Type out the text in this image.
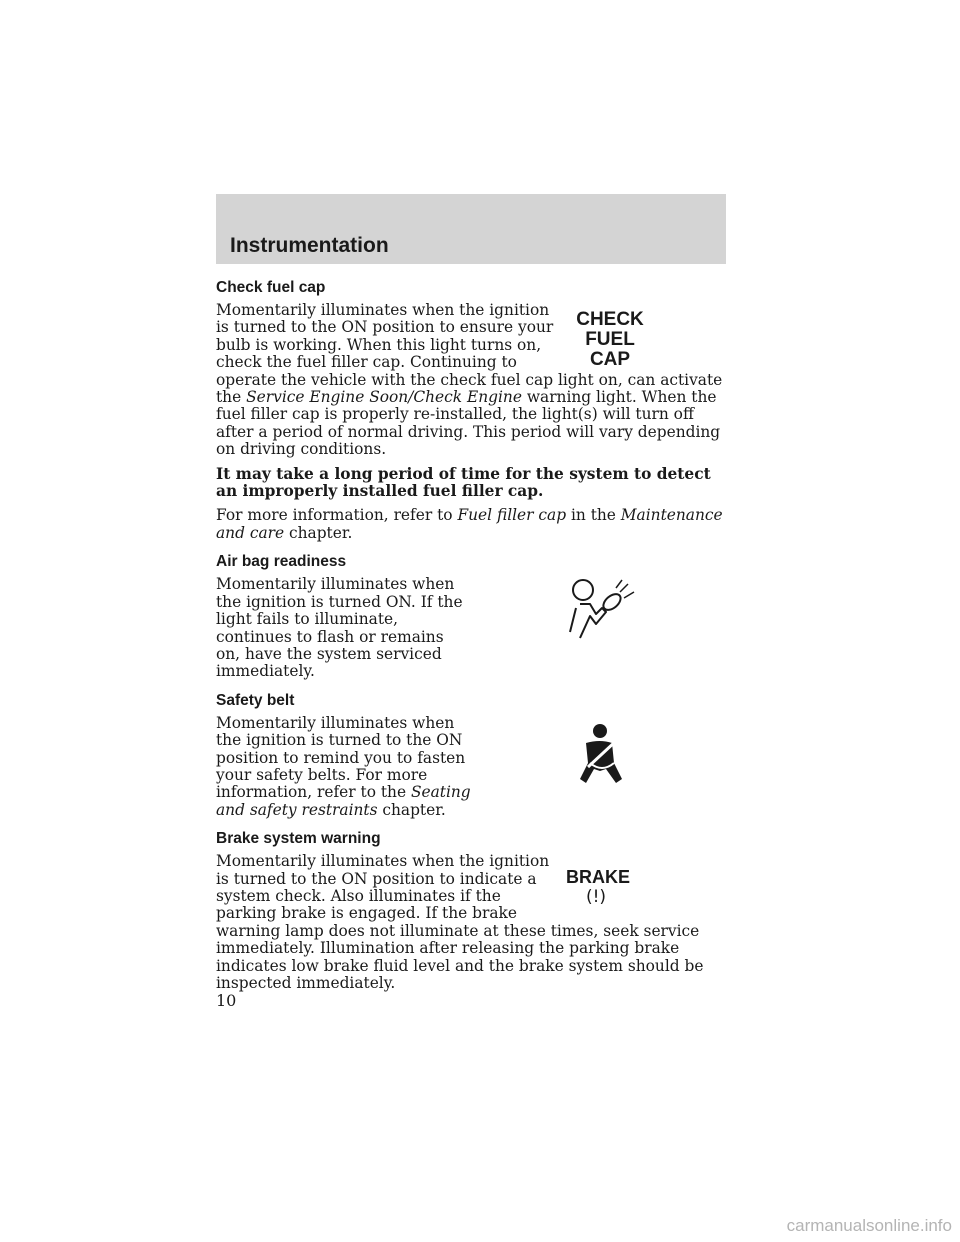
Instrumentation
Check fuel cap
CHECK
FUEL
CAP

Momentarily illuminates when the ignition is turned to the ON position to ensure your bulb is working. When this light turns on, check the fuel filler cap. Continuing to operate the vehicle with the check fuel cap light on, can activate the Service Engine Soon/Check Engine warning light. When the fuel filler cap is properly re-installed, the light(s) will turn off after a period of normal driving. This period will vary depending on driving conditions.

It may take a long period of time for the system to detect an improperly installed fuel filler cap.

For more information, refer to Fuel filler cap in the Maintenance and care chapter.

Air bag readiness

Momentarily illuminates when the ignition is turned ON. If the light fails to illuminate, continues to flash or remains on, have the system serviced immediately.

Safety belt

Momentarily illuminates when the ignition is turned to the ON position to remind you to fasten your safety belts. For more information, refer to the Seating and safety restraints chapter.

Brake system warning
BRAKE
(!)

Momentarily illuminates when the ignition is turned to the ON position to indicate a system check. Also illuminates if the parking brake is engaged. If the brake warning lamp does not illuminate at these times, seek service immediately. Illumination after releasing the parking brake indicates low brake fluid level and the brake system should be inspected immediately.

10
carmanualsonline.info
